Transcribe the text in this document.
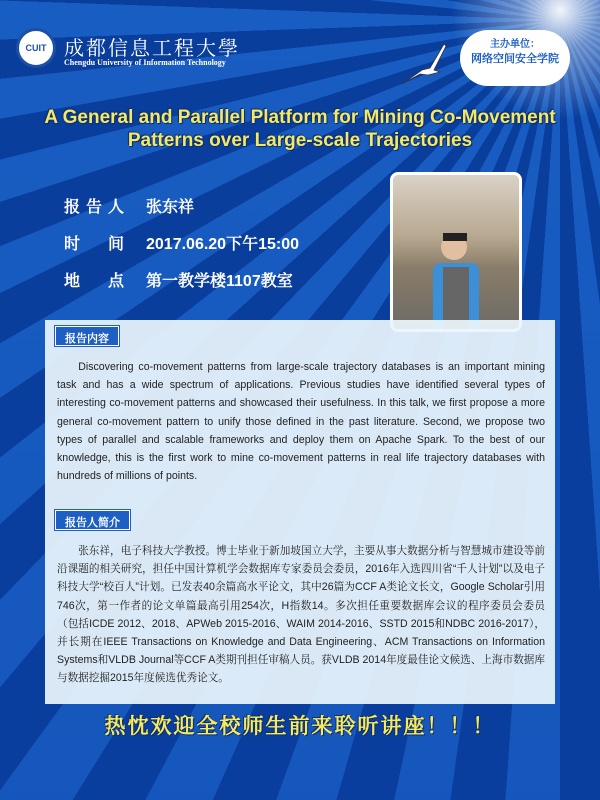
CUIT 成都信息工程大學
Chengdu University of Information Technology
主办单位：
网络空间安全学院
A General and Parallel Platform for Mining Co-Movement
Patterns over Large-scale Trajectories
报告人 张东祥
时　间 2017.06.20下午15:00
地　点 第一教学楼1107教室
报告内容
Discovering co-movement patterns from large-scale trajectory databases is an important mining task and has a wide spectrum of applications. Previous studies have identified several types of interesting co-movement patterns and showcased their usefulness. In this talk, we first propose a more general co-movement pattern to unify those defined in the past literature. Second, we propose two types of parallel and scalable frameworks and deploy them on Apache Spark. To the best of our knowledge, this is the first work to mine co-movement patterns in real life trajectory databases with hundreds of millions of points.
报告人简介
张东祥，电子科技大学教授。博士毕业于新加坡国立大学，主要从事大数据分析与智慧城市建设等前沿课题的相关研究，担任中国计算机学会数据库专家委员会委员，2016年入选四川省“千人计划”以及电子科技大学“校百人”计划。已发表40余篇高水平论文，其中26篇为CCF A类论文长文，Google Scholar引用746次，第一作者的论文单篇最高引用254次，H指数14。多次担任重要数据库会议的程序委员会委员（包括ICDE 2012、2018、APWeb 2015-2016、WAIM 2014-2016、SSTD 2015和NDBC 2016-2017），并长期在IEEE Transactions on Knowledge and Data Engineering、ACM Transactions on Information Systems和VLDB Journal等CCF A类期刊担任审稿人员。获VLDB 2014年度最佳论文候选、上海市数据库与数据挖掘2015年度候选优秀论文。
热忱欢迎全校师生前来聆听讲座！！！
